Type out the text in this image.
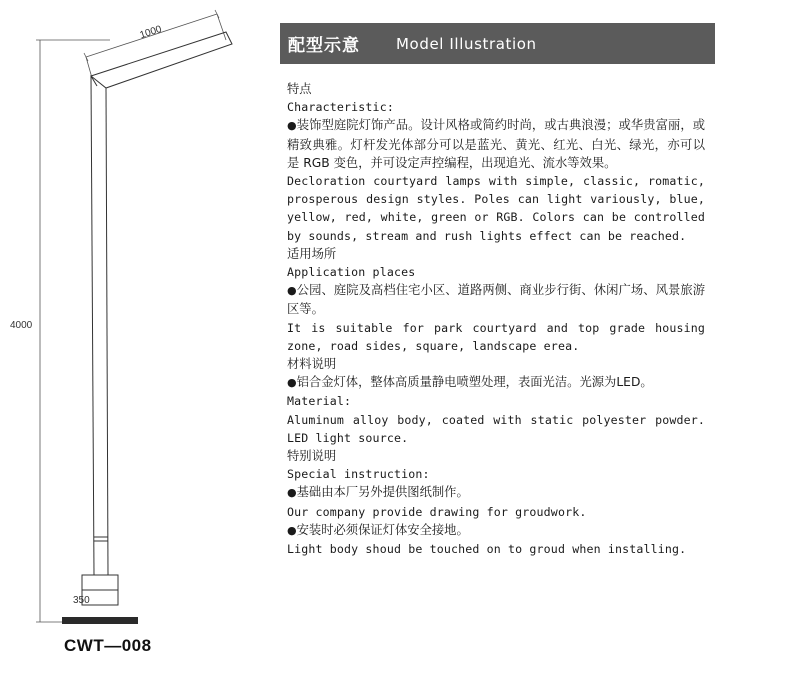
1000
4000
350
CWT—008
配型示意 Model Illustration

特点

Characteristic:

●装饰型庭院灯饰产品。设计风格或简约时尚，或古典浪漫；或华贵富丽，或精致典雅。灯杆发光体部分可以是蓝光、黄光、红光、白光、绿光，亦可以是 RGB 变色，并可设定声控编程，出现追光、流水等效果。

Decloration courtyard lamps with simple, classic, romatic, prosperous design styles. Poles can light variously, blue, yellow, red, white, green or RGB. Colors can be controlled by sounds, stream and rush lights effect can be reached.

适用场所

Application places

●公园、庭院及高档住宅小区、道路两侧、商业步行街、休闲广场、风景旅游区等。

It is suitable for park courtyard and top grade housing zone, road sides, square, landscape erea.

材料说明

●铝合金灯体，整体高质量静电喷塑处理，表面光洁。光源为LED。

Material:

Aluminum alloy body, coated with static polyester powder. LED light source.

特别说明

Special instruction:

●基础由本厂另外提供图纸制作。

Our company provide drawing for groudwork.

●安装时必须保证灯体安全接地。

Light body shoud be touched on to groud when installing.
